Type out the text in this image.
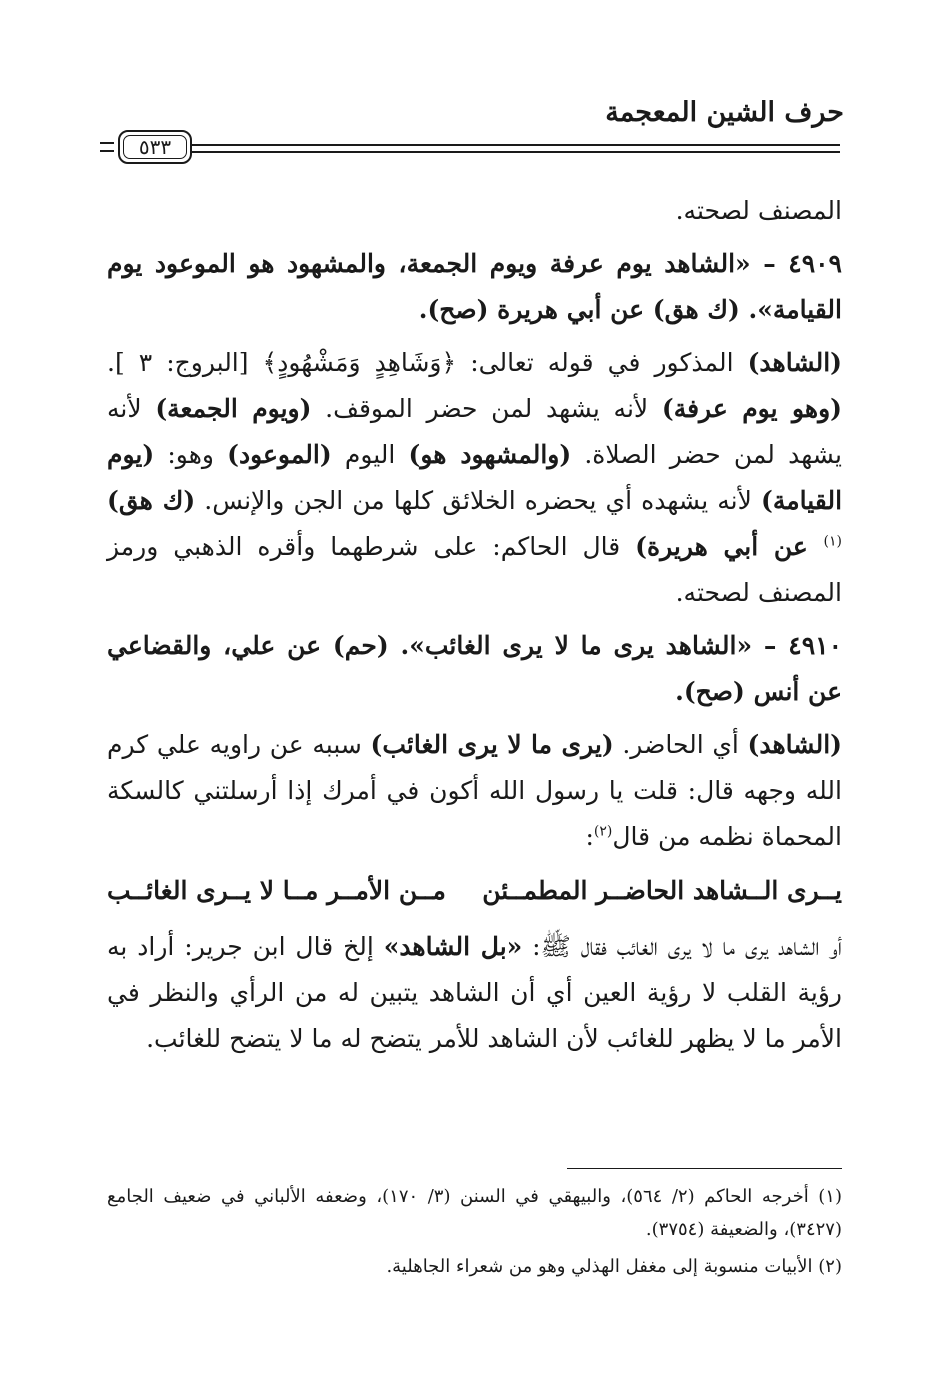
حرف الشين المعجمة
٥٣٣

المصنف لصحته.

٤٩٠٩ – «الشاهد يوم عرفة ويوم الجمعة، والمشهود هو الموعود يوم القيامة». (ك هق) عن أبي هريرة (صح).

(الشاهد) المذكور في قوله تعالى: ﴿وَشَاهِدٍ وَمَشْهُودٍ﴾ [البروج: ٣ ]. (وهو يوم عرفة) لأنه يشهد لمن حضر الموقف. (ويوم الجمعة) لأنه يشهد لمن حضر الصلاة. (والمشهود هو) اليوم (الموعود) وهو: (يوم القيامة) لأنه يشهده أي يحضره الخلائق كلها من الجن والإنس. (ك هق)$^{(١)}$ عن أبي هريرة) قال الحاكم: على شرطهما وأقره الذهبي ورمز المصنف لصحته.

٤٩١٠ – «الشاهد يرى ما لا يرى الغائب». (حم) عن علي، والقضاعي عن أنس (صح).

(الشاهد) أي الحاضر. (يرى ما لا يرى الغائب) سببه عن راويه علي كرم الله وجهه قال: قلت يا رسول الله أكون في أمرك إذا أرسلتني كالسكة المحماة نظمه من قال$^{(٢)}$:

يــرى الــشاهد الحاضــر المطمــئن
مــن الأمــر مــا لا يــرى الغائــب

أو الشاهد يرى ما لا يرى الغائب فقال ﷺ: «بل الشاهد» إلخ قال ابن جرير: أراد به رؤية القلب لا رؤية العين أي أن الشاهد يتبين له من الرأي والنظر في الأمر ما لا يظهر للغائب لأن الشاهد للأمر يتضح له ما لا يتضح للغائب.

(١) أخرجه الحاكم (٢/ ٥٦٤)، والبيهقي في السنن (٣/ ١٧٠)، وضعفه الألباني في ضعيف الجامع (٣٤٢٧)، والضعيفة (٣٧٥٤).

(٢) الأبيات منسوبة إلى مغفل الهذلي وهو من شعراء الجاهلية.
